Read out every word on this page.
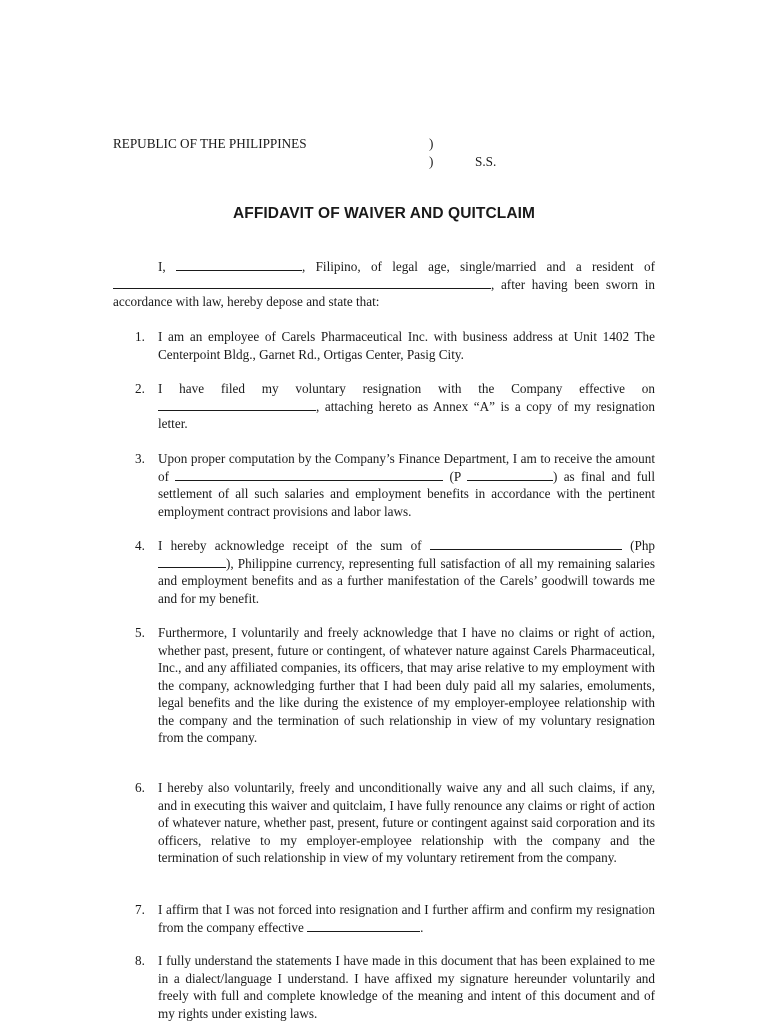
REPUBLIC OF THE PHILIPPINES	)
)	S.S.
AFFIDAVIT OF WAIVER AND QUITCLAIM
I,	, Filipino, of legal age, single/married and a resident of , after having been sworn in accordance with law, hereby depose and state that:
1. I am an employee of Carels Pharmaceutical Inc. with business address at Unit 1402 The Centerpoint Bldg., Garnet Rd., Ortigas Center, Pasig City.
2. I have filed my voluntary resignation with the Company effective on , attaching hereto as Annex “A” is a copy of my resignation letter.
3. Upon proper computation by the Company’s Finance Department, I am to receive the amount of	(P	) as final and full settlement of all such salaries and employment benefits in accordance with the pertinent employment contract provisions and labor laws.
4. I hereby acknowledge receipt of the sum of	(Php ), Philippine currency, representing full satisfaction of all my remaining salaries and employment benefits and as a further manifestation of the Carels’ goodwill towards me and for my benefit.
5. Furthermore, I voluntarily and freely acknowledge that I have no claims or right of action, whether past, present, future or contingent, of whatever nature against Carels Pharmaceutical, Inc., and any affiliated companies, its officers, that may arise relative to my employment with the company, acknowledging further that I had been duly paid all my salaries, emoluments, legal benefits and the like during the existence of my employer-employee relationship with the company and the termination of such relationship in view of my voluntary resignation from the company.
6. I hereby also voluntarily, freely and unconditionally waive any and all such claims, if any, and in executing this waiver and quitclaim, I have fully renounce any claims or right of action of whatever nature, whether past, present, future or contingent against said corporation and its officers, relative to my employer-employee relationship with the company and the termination of such relationship in view of my voluntary retirement from the company.
7. I affirm that I was not forced into resignation and I further affirm and confirm my resignation from the company effective	.
8. I fully understand the statements I have made in this document that has been explained to me in a dialect/language I understand. I have affixed my signature hereunder voluntarily and freely with full and complete knowledge of the meaning and intent of this document and of my rights under existing laws.
